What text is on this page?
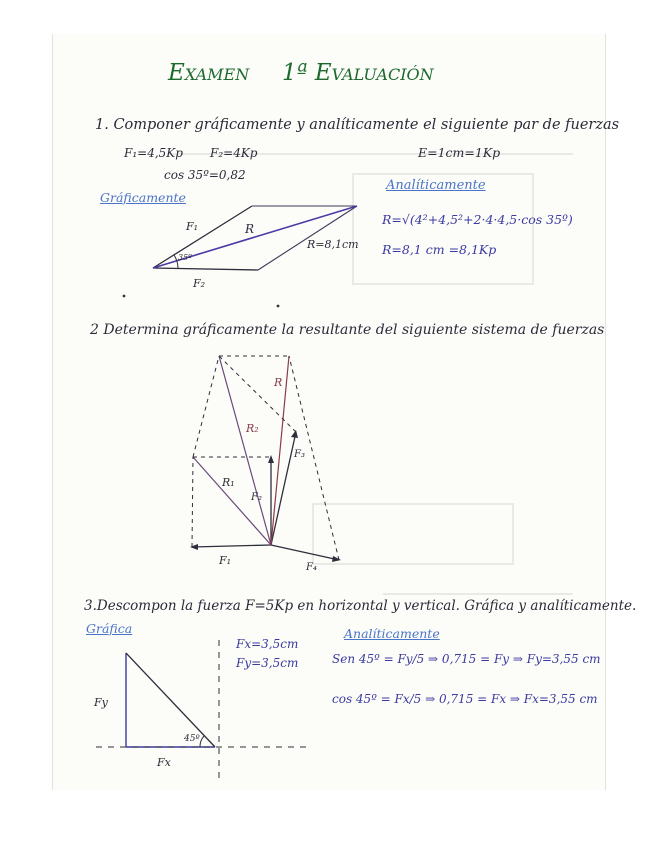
Examen 1ª Evaluación
1. Componer gráficamente y analíticamente el siguiente par de fuerzas
F₁=4,5Kp F₂=4Kp	E=1cm=1Kp
cos 35º=0,82
Gráficamente
Analíticamente
R=√(4²+4,5²+2·4·4,5·cos 35º)
R=8,1 cm =8,1Kp
2 Determina gráficamente la resultante del siguiente sistema de fuerzas
3.Descompon la fuerza F=5Kp en horizontal y vertical. Gráfica y analíticamente.
Gráfica	Analíticamente
Fx=3,5cm
Fy=3,5cm	Sen 45º = Fy/5 ⇒ 0,715 = Fy ⇒ Fy=3,55 cm
cos 45º = Fx/5 ⇒ 0,715 = Fx ⇒ Fx=3,55 cm
F₁
F₂
R
35º
R=8,1cm
R
R₂
R₁
F₁
F₂
F₃
F₄
Fx
Fy
45º
